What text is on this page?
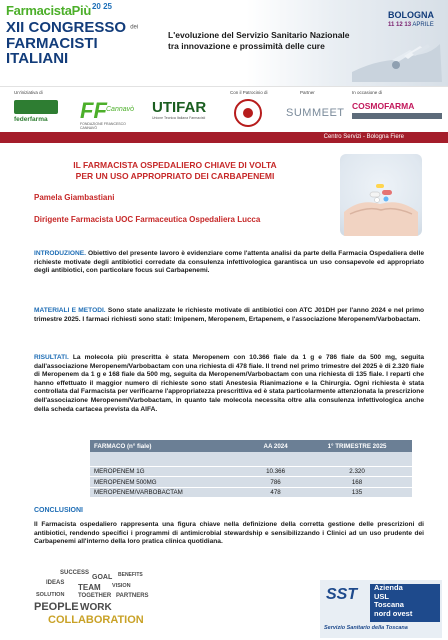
FarmacistaPiù20 25
XII CONGRESSO dei
FARMACISTI
ITALIANI
L'evoluzione del Servizio Sanitario Nazionale
tra innovazione e prossimità delle cure
BOLOGNA
11 12 13 APRILE
Un'iniziativa di	Con il Patrocinio di	Partner	In occasione di
federfarma	FF Cannavò
FONDAZIONE FRANCESCO CANNAVÒ
UTIFAR
Unione Tecnica Italiana Farmacisti	SUMMEET
COSMOFARMA
Centro Servizi - Bologna Fiere
IL FARMACISTA OSPEDALIERO CHIAVE DI VOLTA
PER UN USO APPROPRIATO DEI CARBAPENEMI
Pamela Giambastiani
Dirigente Farmacista UOC Farmaceutica Ospedaliera Lucca
INTRODUZIONE. Obiettivo del presente lavoro è evidenziare come l'attenta analisi da parte della Farmacia Ospedaliera delle richieste motivate degli antibiotici corredate da consulenza infettivologica garantisca un uso consapevole ed appropriato degli antibiotici, con particolare focus sui Carbapenemi.
MATERIALI E METODI. Sono state analizzate le richieste motivate di antibiotici con ATC J01DH per l'anno 2024 e nel primo trimestre 2025. I farmaci richiesti sono stati: Imipenem, Meropenem, Ertapenem, e l'associazione Meropenem/Varbobactam.
RISULTATI. La molecola più prescritta è stata Meropenem con 10.366 fiale da 1 g e 786 fiale da 500 mg, seguita dall'associazione Meropenem/Varbobactam con una richiesta di 478 fiale. Il trend nel primo trimestre del 2025 è di 2.320 fiale di Meropenem da 1 g e 168 fiale da 500 mg, seguita da Meropenem/Varbobactam con una richiesta di 135 fiale. I reparti che hanno effettuato il maggior numero di richieste sono stati Anestesia Rianimazione e la Chirurgia. Ogni richiesta è stata controllata dal Farmacista per verificarne l'appropriatezza prescrittiva ed è stata particolarmente attenzionata la prescrizione dell'associazione Meropenem/Varbobactam, in quanto tale molecola necessita oltre alla consulenza infettivologica anche della scheda cartacea prevista da AIFA.
FARMACO (n° fiale)	AA 2024	1° TRIMESTRE 2025

MEROPENEM 1G	10.366	2.320
MEROPENEM 500MG	786	168
MEROPENEM/VARBOBACTAM	478	135
CONCLUSIONI
Il Farmacista ospedaliero rappresenta una figura chiave nella definizione della corretta gestione delle prescrizioni di antibiotici, rendendo specifici i programmi di antimicrobial stewardship e sensibilizzando i Clinici ad un uso prudente dei Carbapenemi all'interno della loro pratica clinica quotidiana.
SUCCESS
GOAL BENEFITS
IDEAS TEAM VISION
SOLUTION TOGETHER PARTNERS
PEOPLE WORK
COLLABORATION
SST	Azienda
USL
Toscana
nord ovest
Servizio Sanitario della Toscana
